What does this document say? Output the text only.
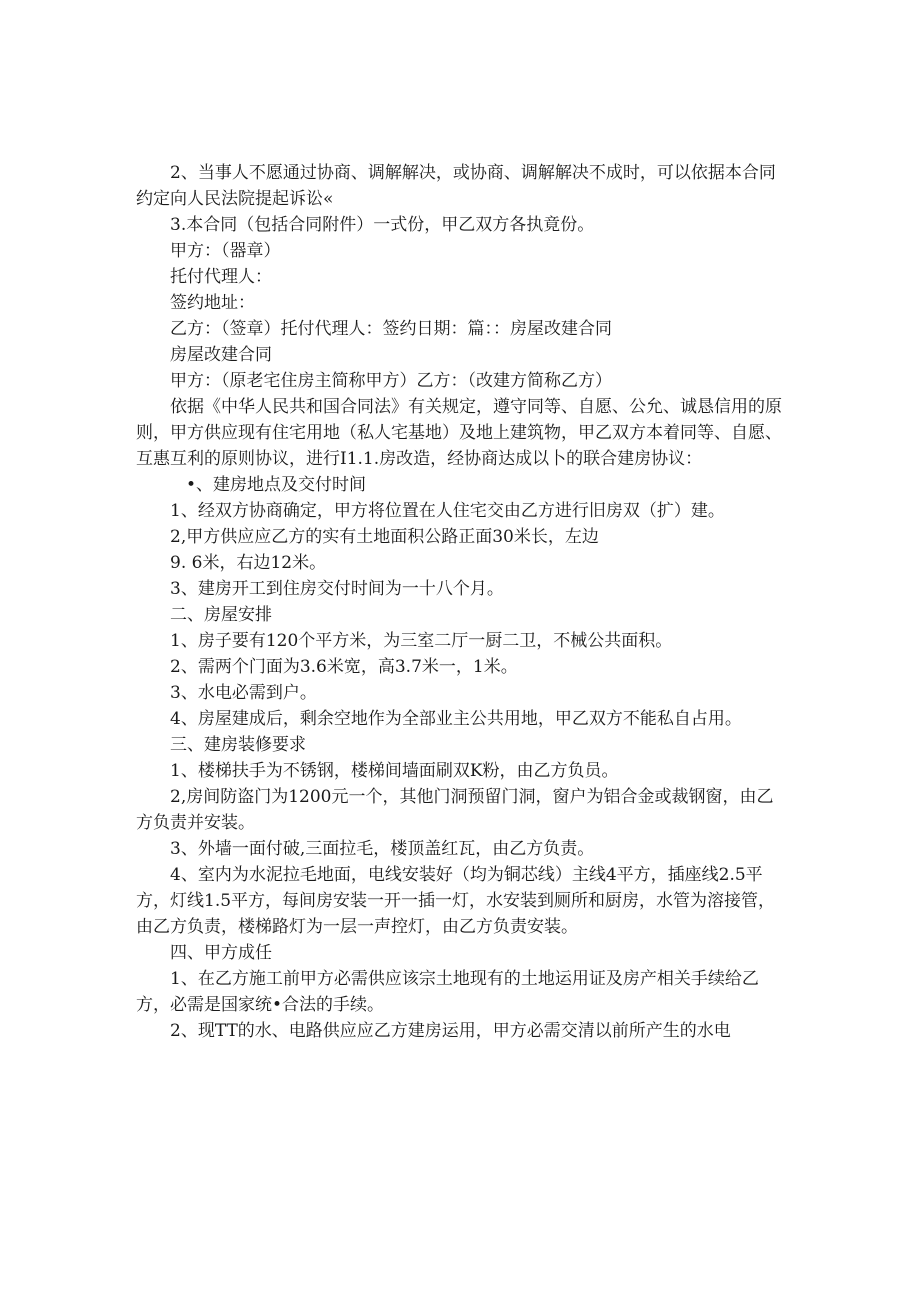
2、当事人不愿通过协商、调解解决，或协商、调解解决不成时，可以依据本合同约定向人民法院提起诉讼«

3.本合同（包括合同附件）一式份，甲乙双方各执竟份。

甲方：（器章）

托付代理人：

签约地址：

乙方：（签章）托付代理人：签约日期：篇：：房屋改建合同

房屋改建合同

甲方：（原老宅住房主简称甲方）乙方：（改建方简称乙方）

依据《中华人民共和国合同法》有关规定，遵守同等、自愿、公允、诚恳信用的原则，甲方供应现有住宅用地（私人宅基地）及地上建筑物，甲乙双方本着同等、自愿、互惠互利的原则协议，进行I1.1.房改造，经协商达成以卜的联合建房协议：

•、建房地点及交付时间

1、经双方协商确定，甲方将位置在人住宅交由乙方进行旧房双（扩）建。

2,甲方供应应乙方的实有土地面积公路正面30米长，左边

9. 6米，右边12米。

3、建房开工到住房交付时间为一十八个月。

二、房屋安排

1、房子要有120个平方米，为三室二厅一厨二卫，不械公共面积。

2、需两个门面为3.6米宽，高3.7米一，1米。

3、水电必需到户。

4、房屋建成后，剩余空地作为全部业主公共用地，甲乙双方不能私自占用。

三、建房装修要求

1、楼梯扶手为不锈钢，楼梯间墙面刷双K粉，由乙方负员。

2,房间防盗门为1200元一个，其他门洞预留门洞，窗户为铝合金或裁钢窗，由乙方负责并安装。

3、外墙一面付破,三面拉毛，楼顶盖红瓦，由乙方负责。

4、室内为水泥拉毛地面，电线安装好（均为铜芯线）主线4平方，插座线2.5平方，灯线1.5平方，每间房安装一开一插一灯，水安装到厕所和厨房，水管为溶接管，由乙方负责，楼梯路灯为一层一声控灯，由乙方负责安装。

四、甲方成任

1、在乙方施工前甲方必需供应该宗土地现有的土地运用证及房产相关手续给乙方，必需是国家统•合法的手续。

2、现TT的水、电路供应应乙方建房运用，甲方必需交清以前所产生的水电
